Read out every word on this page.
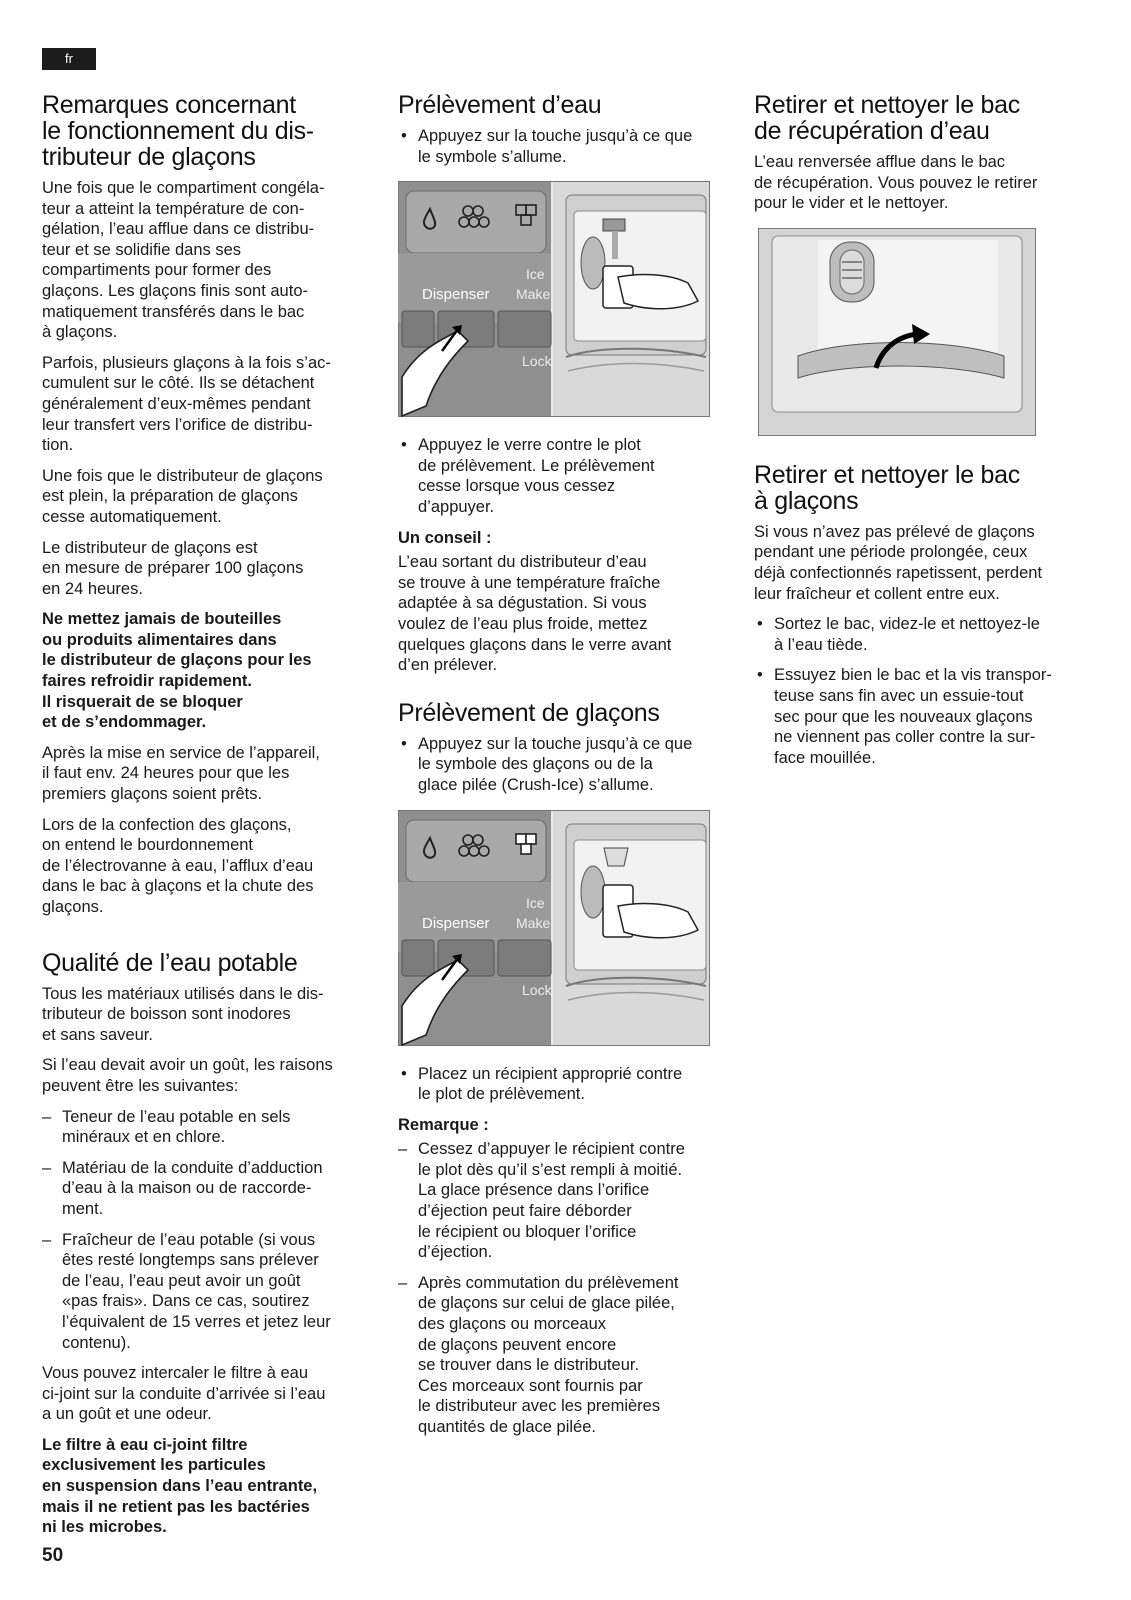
fr
Remarques concernant
le fonctionnement du dis-
tributeur de glaçons

Une fois que le compartiment congéla-
teur a atteint la température de con-
gélation, l’eau afflue dans ce distribu-
teur et se solidifie dans ses
compartiments pour former des
glaçons. Les glaçons finis sont auto-
matiquement transférés dans le bac
à glaçons.

Parfois, plusieurs glaçons à la fois s’ac-
cumulent sur le côté. Ils se détachent
généralement d’eux-mêmes pendant
leur transfert vers l’orifice de distribu-
tion.

Une fois que le distributeur de glaçons
est plein, la préparation de glaçons
cesse automatiquement.

Le distributeur de glaçons est
en mesure de préparer 100 glaçons
en 24 heures.

Ne mettez jamais de bouteilles
ou produits alimentaires dans
le distributeur de glaçons pour les
faires refroidir rapidement.
Il risquerait de se bloquer
et de s’endommager.

Après la mise en service de l’appareil,
il faut env. 24 heures pour que les
premiers glaçons soient prêts.

Lors de la confection des glaçons,
on entend le bourdonnement
de l’électrovanne à eau, l’afflux d’eau
dans le bac à glaçons et la chute des
glaçons.

Qualité de l’eau potable

Tous les matériaux utilisés dans le dis-
tributeur de boisson sont inodores
et sans saveur.

Si l’eau devait avoir un goût, les raisons
peuvent être les suivantes:

– Teneur de l’eau potable en sels
minéraux et en chlore.
– Matériau de la conduite d’adduction
d’eau à la maison ou de raccorde-
ment.
– Fraîcheur de l’eau potable (si vous
êtes resté longtemps sans prélever
de l’eau, l’eau peut avoir un goût
«pas frais». Dans ce cas, soutirez
l’équivalent de 15 verres et jetez leur
contenu).

Vous pouvez intercaler le filtre à eau
ci-joint sur la conduite d’arrivée si l’eau
a un goût et une odeur.

Le filtre à eau ci-joint filtre
exclusivement les particules
en suspension dans l’eau entrante,
mais il ne retient pas les bactéries
ni les microbes.

Prélèvement d’eau
• Appuyez sur la touche jusqu’à ce que
le symbole s’allume.
Dispenser
Ice
Make
Lock
• Appuyez le verre contre le plot
de prélèvement. Le prélèvement
cesse lorsque vous cessez
d’appuyer.

Un conseil :

L’eau sortant du distributeur d’eau
se trouve à une température fraîche
adaptée à sa dégustation. Si vous
voulez de l’eau plus froide, mettez
quelques glaçons dans le verre avant
d’en prélever.

Prélèvement de glaçons
• Appuyez sur la touche jusqu’à ce que
le symbole des glaçons ou de la
glace pilée (Crush-Ice) s’allume.
Dispenser
Ice
Make
Lock
• Placez un récipient approprié contre
le plot de prélèvement.

Remarque :

– Cessez d’appuyer le récipient contre
le plot dès qu’il s’est rempli à moitié.
La glace présence dans l’orifice
d’éjection peut faire déborder
le récipient ou bloquer l’orifice
d’éjection.
– Après commutation du prélèvement
de glaçons sur celui de glace pilée,
des glaçons ou morceaux
de glaçons peuvent encore
se trouver dans le distributeur.
Ces morceaux sont fournis par
le distributeur avec les premières
quantités de glace pilée.
Retirer et nettoyer le bac
de récupération d’eau

L’eau renversée afflue dans le bac
de récupération. Vous pouvez le retirer
pour le vider et le nettoyer.

Retirer et nettoyer le bac
à glaçons

Si vous n’avez pas prélevé de glaçons
pendant une période prolongée, ceux
déjà confectionnés rapetissent, perdent
leur fraîcheur et collent entre eux.

• Sortez le bac, videz-le et nettoyez-le
à l’eau tiède.
• Essuyez bien le bac et la vis transpor-
teuse sans fin avec un essuie-tout
sec pour que les nouveaux glaçons
ne viennent pas coller contre la sur-
face mouillée.
50
